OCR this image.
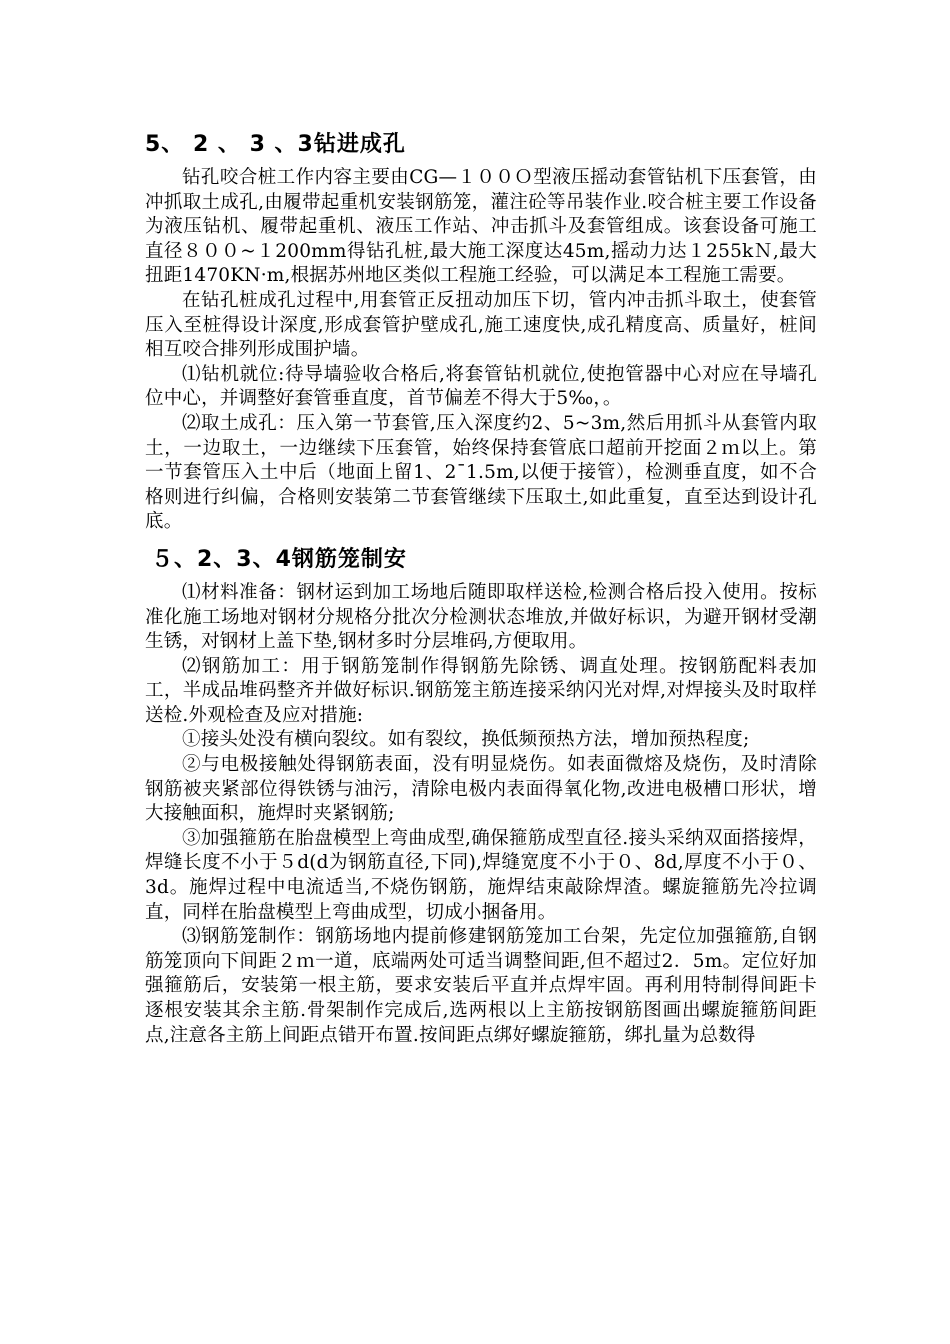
5、 2 、 3 、3钻进成孔

钻孔咬合桩工作内容主要由CG—１００Ｏ型液压摇动套管钻机下压套管，由冲抓取土成孔,由履带起重机安装钢筋笼，灌注砼等吊装作业.咬合桩主要工作设备为液压钻机、履带起重机、液压工作站、冲击抓斗及套管组成。该套设备可施工直径８００~１200mm得钻孔桩,最大施工深度达45m,摇动力达１255kＮ,最大扭距1470KN·m,根据苏州地区类似工程施工经验，可以满足本工程施工需要。

在钻孔桩成孔过程中,用套管正反扭动加压下切，管内冲击抓斗取土，使套管压入至桩得设计深度,形成套管护壁成孔,施工速度快,成孔精度高、质量好，桩间相互咬合排列形成围护墙。

⑴钻机就位:待导墙验收合格后,将套管钻机就位,使抱管器中心对应在导墙孔位中心，并调整好套管垂直度，首节偏差不得大于5‰，。

⑵取土成孔：压入第一节套管,压入深度约2、5~3m,然后用抓斗从套管内取土，一边取土，一边继续下压套管，始终保持套管底口超前开挖面２ｍ以上。第一节套管压入土中后（地面上留1、2¯1.5m,以便于接管），检测垂直度，如不合格则进行纠偏，合格则安装第二节套管继续下压取土,如此重复，直至达到设计孔底。

５、2、3、4钢筋笼制安

⑴材料准备：钢材运到加工场地后随即取样送检,检测合格后投入使用。按标准化施工场地对钢材分规格分批次分检测状态堆放,并做好标识，为避开钢材受潮生锈，对钢材上盖下垫,钢材多时分层堆码,方便取用。

⑵钢筋加工：用于钢筋笼制作得钢筋先除锈、调直处理。按钢筋配料表加工，半成品堆码整齐并做好标识.钢筋笼主筋连接采纳闪光对焊,对焊接头及时取样送检.外观检查及应对措施:

①接头处没有横向裂纹。如有裂纹，换低频预热方法，增加预热程度;

②与电极接触处得钢筋表面，没有明显烧伤。如表面微熔及烧伤，及时清除钢筋被夹紧部位得铁锈与油污，清除电极内表面得氧化物,改进电极槽口形状，增大接触面积，施焊时夹紧钢筋;

③加强箍筋在胎盘模型上弯曲成型,确保箍筋成型直径.接头采纳双面搭接焊，焊缝长度不小于５d(d为钢筋直径,下同),焊缝宽度不小于０、8d,厚度不小于０、3d。施焊过程中电流适当,不烧伤钢筋，施焊结束敲除焊渣。螺旋箍筋先冷拉调直，同样在胎盘模型上弯曲成型，切成小捆备用。

⑶钢筋笼制作：钢筋场地内提前修建钢筋笼加工台架，先定位加强箍筋,自钢筋笼顶向下间距２ｍ一道，底端两处可适当调整间距,但不超过2．5m。定位好加强箍筋后，安装第一根主筋，要求安装后平直并点焊牢固。再利用特制得间距卡逐根安装其余主筋.骨架制作完成后,选两根以上主筋按钢筋图画出螺旋箍筋间距点,注意各主筋上间距点错开布置.按间距点绑好螺旋箍筋，绑扎量为总数得
